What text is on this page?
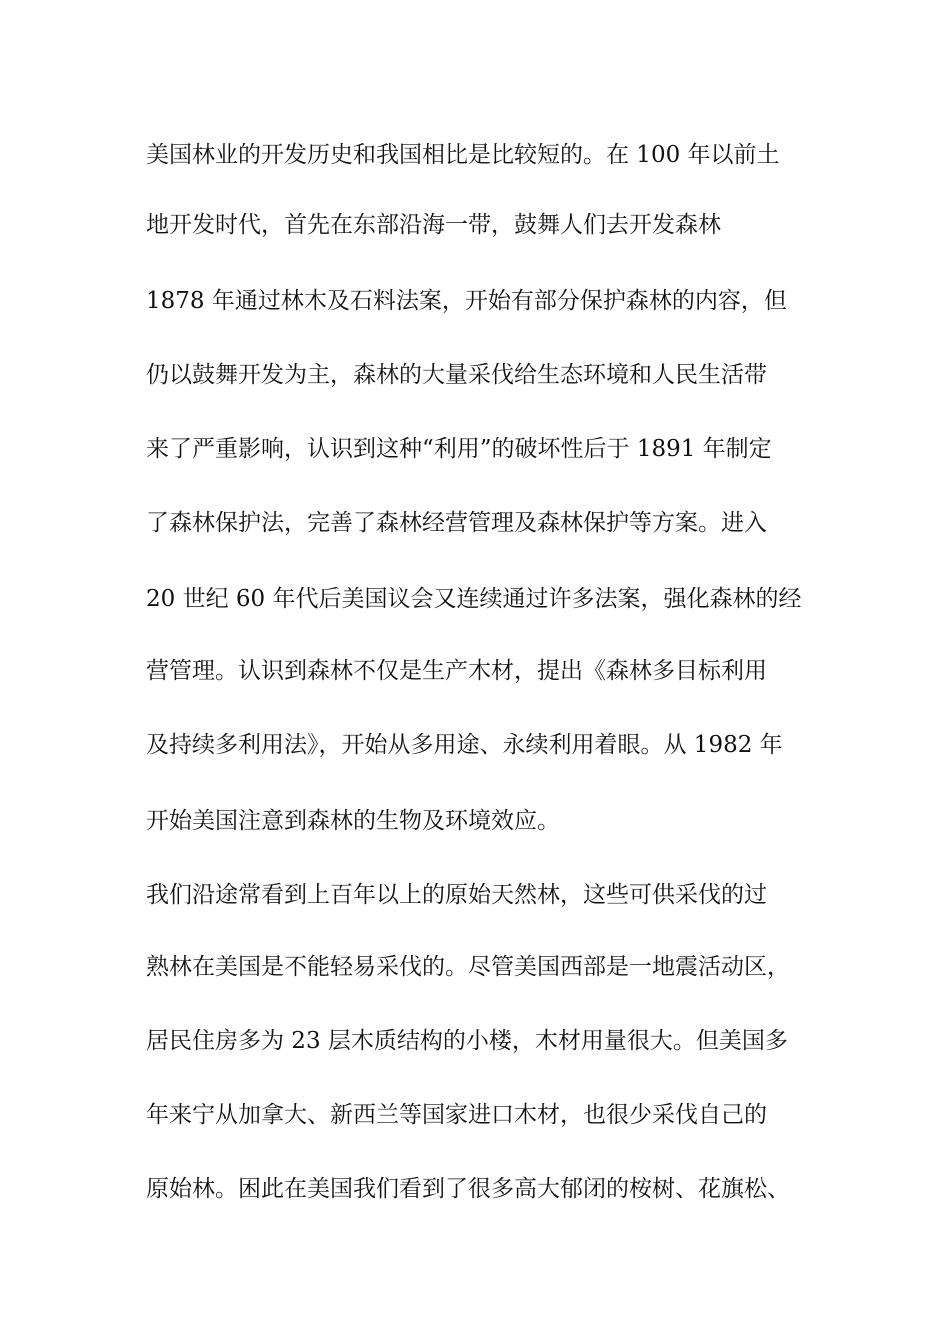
美国林业的开发历史和我国相比是比较短的。在 100 年以前土
地开发时代，首先在东部沿海一带，鼓舞人们去开发森林
1878 年通过林木及石料法案，开始有部分保护森林的内容，但
仍以鼓舞开发为主，森林的大量采伐给生态环境和人民生活带
来了严重影响，认识到这种“利用”的破坏性后于 1891 年制定
了森林保护法，完善了森林经营管理及森林保护等方案。进入
20 世纪 60 年代后美国议会又连续通过许多法案，强化森林的经
营管理。认识到森林不仅是生产木材，提出《森林多目标利用
及持续多利用法》，开始从多用途、永续利用着眼。从 1982 年
开始美国注意到森林的生物及环境效应。
我们沿途常看到上百年以上的原始天然林，这些可供采伐的过
熟林在美国是不能轻易采伐的。尽管美国西部是一地震活动区，
居民住房多为 23 层木质结构的小楼，木材用量很大。但美国多
年来宁从加拿大、新西兰等国家进口木材，也很少采伐自己的
原始林。困此在美国我们看到了很多高大郁闭的桉树、花旗松、
